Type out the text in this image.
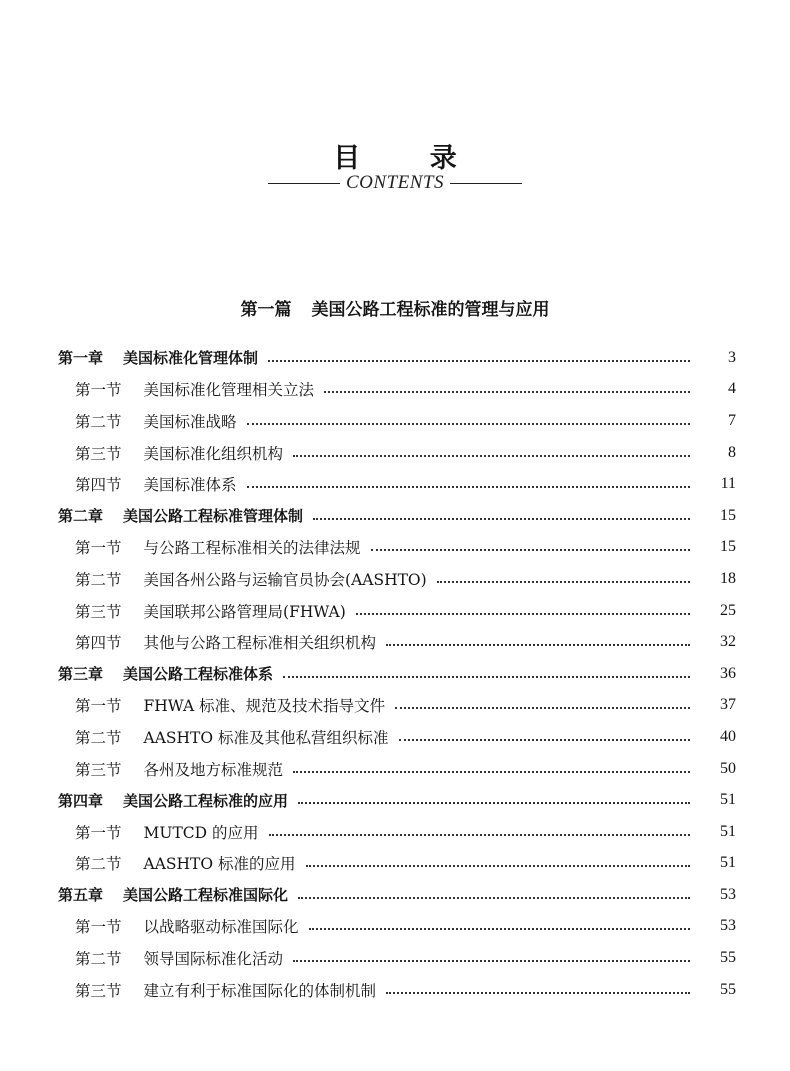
目 录
CONTENTS
第一篇 美国公路工程标准的管理与应用
第一章 美国标准化管理体制	3
第一节 美国标准化管理相关立法	4
第二节 美国标准战略	7
第三节 美国标准化组织机构	8
第四节 美国标准体系	11
第二章 美国公路工程标准管理体制	15
第一节 与公路工程标准相关的法律法规	15
第二节 美国各州公路与运输官员协会(AASHTO)	18
第三节 美国联邦公路管理局(FHWA)	25
第四节 其他与公路工程标准相关组织机构	32
第三章 美国公路工程标准体系	36
第一节 FHWA 标准、规范及技术指导文件	37
第二节 AASHTO 标准及其他私营组织标准	40
第三节 各州及地方标准规范	50
第四章 美国公路工程标准的应用	51
第一节 MUTCD 的应用	51
第二节 AASHTO 标准的应用	51
第五章 美国公路工程标准国际化	53
第一节 以战略驱动标准国际化	53
第二节 领导国际标准化活动	55
第三节 建立有利于标准国际化的体制机制	55
